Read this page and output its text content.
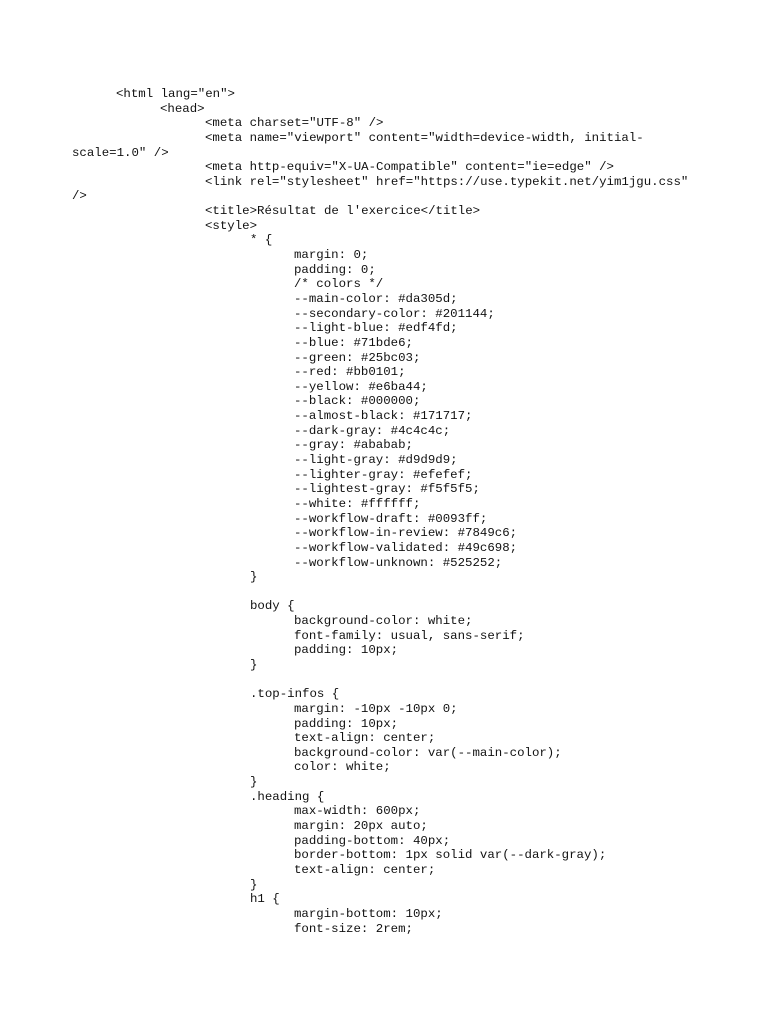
<html lang="en">
<head>
<meta charset="UTF-8" />
<meta name="viewport" content="width=device-width, initial-
scale=1.0" />
<meta http-equiv="X-UA-Compatible" content="ie=edge" />
<link rel="stylesheet" href="https://use.typekit.net/yim1jgu.css"
/>
<title>Résultat de l'exercice</title>
<style>
* {
margin: 0;
padding: 0;
/* colors */
--main-color: #da305d;
--secondary-color: #201144;
--light-blue: #edf4fd;
--blue: #71bde6;
--green: #25bc03;
--red: #bb0101;
--yellow: #e6ba44;
--black: #000000;
--almost-black: #171717;
--dark-gray: #4c4c4c;
--gray: #ababab;
--light-gray: #d9d9d9;
--lighter-gray: #efefef;
--lightest-gray: #f5f5f5;
--white: #ffffff;
--workflow-draft: #0093ff;
--workflow-in-review: #7849c6;
--workflow-validated: #49c698;
--workflow-unknown: #525252;
}
body {
background-color: white;
font-family: usual, sans-serif;
padding: 10px;
}
.top-infos {
margin: -10px -10px 0;
padding: 10px;
text-align: center;
background-color: var(--main-color);
color: white;
}
.heading {
max-width: 600px;
margin: 20px auto;
padding-bottom: 40px;
border-bottom: 1px solid var(--dark-gray);
text-align: center;
}
h1 {
margin-bottom: 10px;
font-size: 2rem;
